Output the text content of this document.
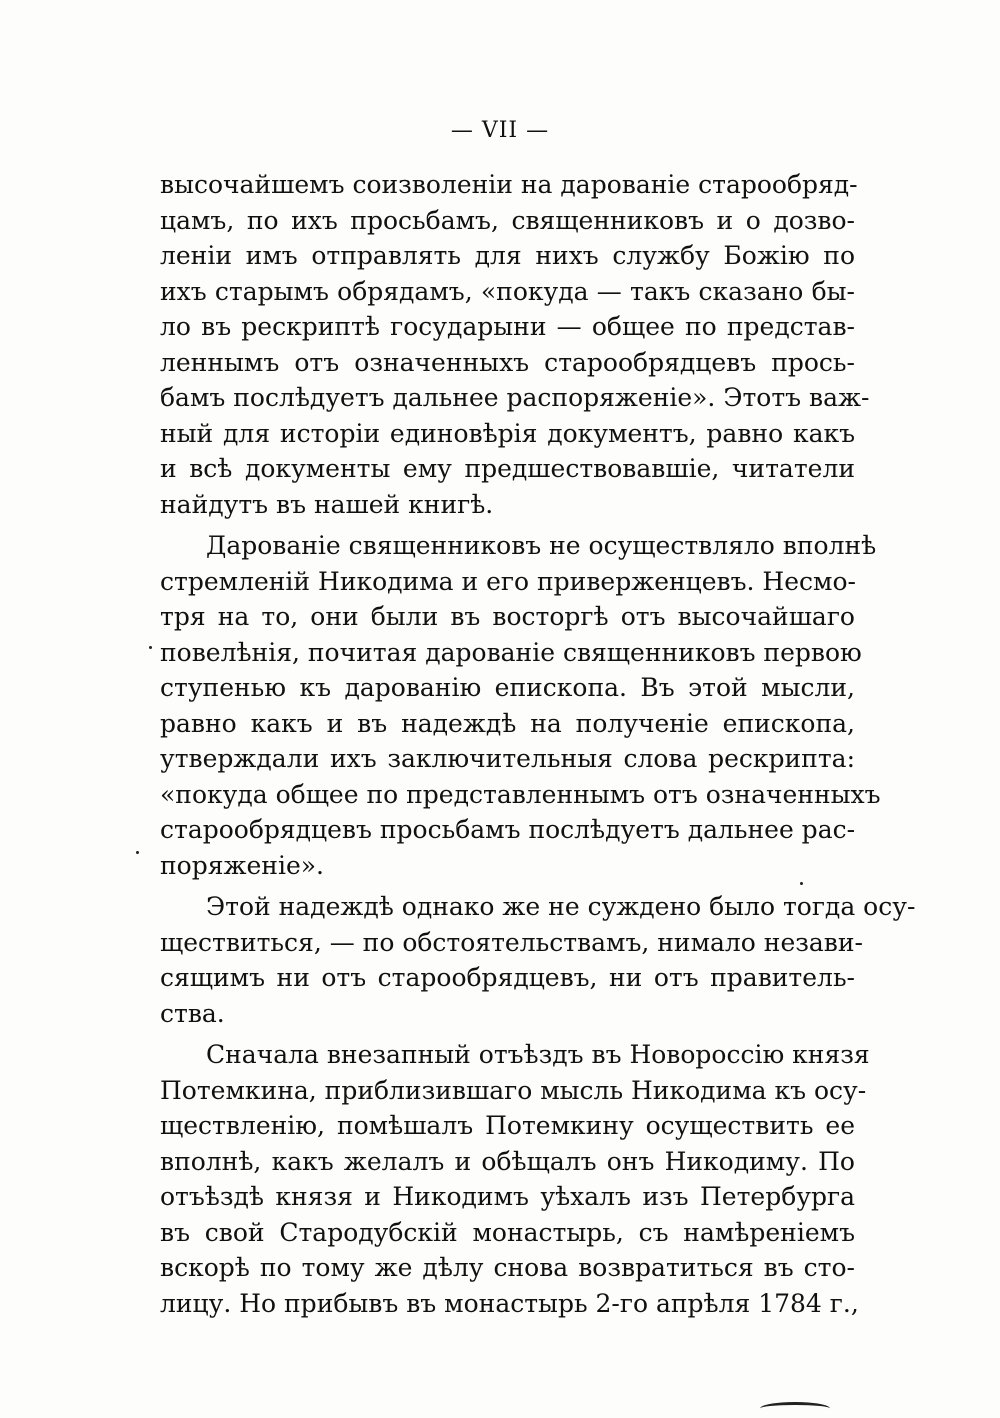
— VII —
высочайшемъ соизволеніи на дарованіе старообряд-
цамъ, по ихъ просьбамъ, священниковъ и о дозво-
леніи имъ отправлять для нихъ службу Божію по
ихъ старымъ обрядамъ, «покуда — такъ сказано бы-
ло въ рескриптѣ государыни — общее по представ-
леннымъ отъ означенныхъ старообрядцевъ прось-
бамъ послѣдуетъ дальнее распоряженіе». Этотъ важ-
ный для исторіи единовѣрія документъ, равно какъ
и всѣ документы ему предшествовавшіе, читатели
найдутъ въ нашей книгѣ.
Дарованіе священниковъ не осуществляло вполнѣ
стремленій Никодима и его приверженцевъ. Несмо-
тря на то, они были въ восторгѣ отъ высочайшаго
повелѣнія, почитая дарованіе священниковъ первою
ступенью къ дарованію епископа. Въ этой мысли,
равно какъ и въ надеждѣ на полученіе епископа,
утверждали ихъ заключительныя слова рескрипта:
«покуда общее по представленнымъ отъ означенныхъ
старообрядцевъ просьбамъ послѣдуетъ дальнее рас-
поряженіе».
Этой надеждѣ однако же не суждено было тогда осу-
ществиться, — по обстоятельствамъ, нимало незави-
сящимъ ни отъ старообрядцевъ, ни отъ правитель-
ства.
Сначала внезапный отъѣздъ въ Новороссію князя
Потемкина, приблизившаго мысль Никодима къ осу-
ществленію, помѣшалъ Потемкину осуществить ее
вполнѣ, какъ желалъ и обѣщалъ онъ Никодиму. По
отъѣздѣ князя и Никодимъ уѣхалъ изъ Петербурга
въ свой Стародубскій монастырь, съ намѣреніемъ
вскорѣ по тому же дѣлу снова возвратиться въ сто-
лицу. Но прибывъ въ монастырь 2-го апрѣля 1784 г.,
